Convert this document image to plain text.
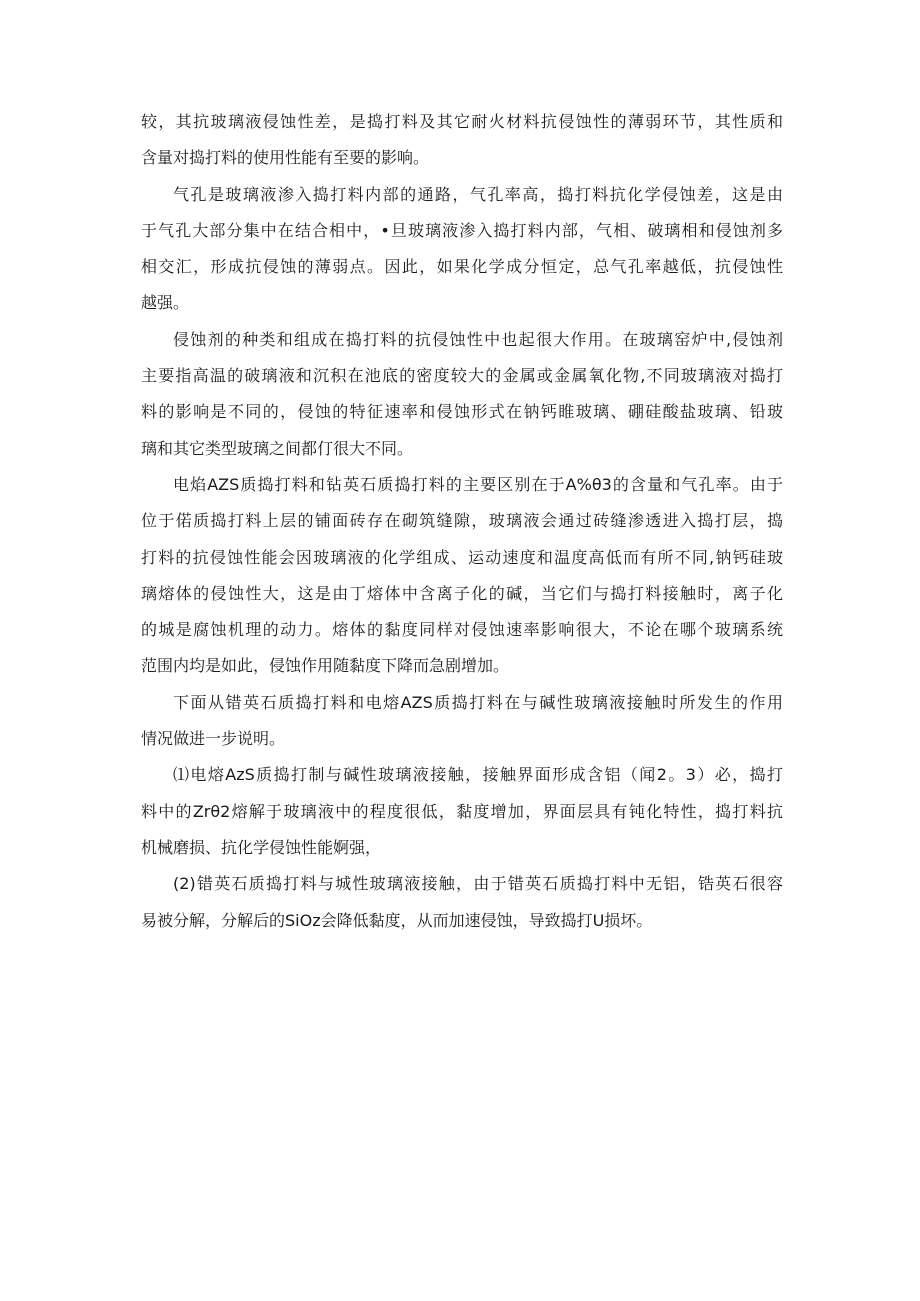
较，其抗玻璃液侵蚀性差，是捣打料及其它耐火材料抗侵蚀性的薄弱环节，其性质和
含量对捣打料的使用性能有至要的影响。
气孔是玻璃液渗入捣打料内部的通路，气孔率高，捣打料抗化学侵蚀差，这是由
于气孔大部分集中在结合相中，•旦玻璃液渗入捣打料内部，气相、破璃相和侵蚀剂多
相交汇，形成抗侵蚀的薄弱点。因此，如果化学成分恒定，总气孔率越低，抗侵蚀性
越强。
侵蚀剂的种类和组成在捣打料的抗侵蚀性中也起很大作用。在玻璃窑炉中,侵蚀剂
主要指高温的破璃液和沉积在池底的密度较大的金属或金属氧化物,不同玻璃液对捣打
料的影响是不同的，侵蚀的特征速率和侵蚀形式在钠钙睢玻璃、硼硅酸盐玻璃、铅玻
璃和其它类型玻璃之间都仃很大不同。
电焰AZS质捣打料和钻英石质捣打料的主要区别在于A%θ3的含量和气孔率。由于
位于偌质捣打料上层的铺面砖存在砌筑缝隙，玻璃液会通过砖缝渗透进入捣打层，捣
打料的抗侵蚀性能会因玻璃液的化学组成、运动速度和温度高低而有所不同,钠钙硅玻
璃熔体的侵蚀性大，这是由丁熔体中含离子化的碱，当它们与捣打料接触时，离子化
的城是腐蚀机理的动力。熔体的黏度同样对侵蚀速率影响很大，不论在哪个玻璃系统
范围内均是如此，侵蚀作用随黏度下降而急剧增加。
下面从错英石质捣打料和电熔AZS质捣打料在与碱性玻璃液接触时所发生的作用
情况做进一步说明。
⑴电熔AzS质捣打制与碱性玻璃液接触，接触界面形成含铝（闻2。3）必，捣打
料中的Zrθ2熔解于玻璃液中的程度很低，黏度增加，界面层具有钝化特性，捣打料抗
机械磨损、抗化学侵蚀性能婀强，
(2)错英石质捣打料与城性玻璃液接触，由于错英石质捣打料中无铝，锆英石很容
易被分解，分解后的SiOz会降低黏度，从而加速侵蚀，导致捣打U损坏。
